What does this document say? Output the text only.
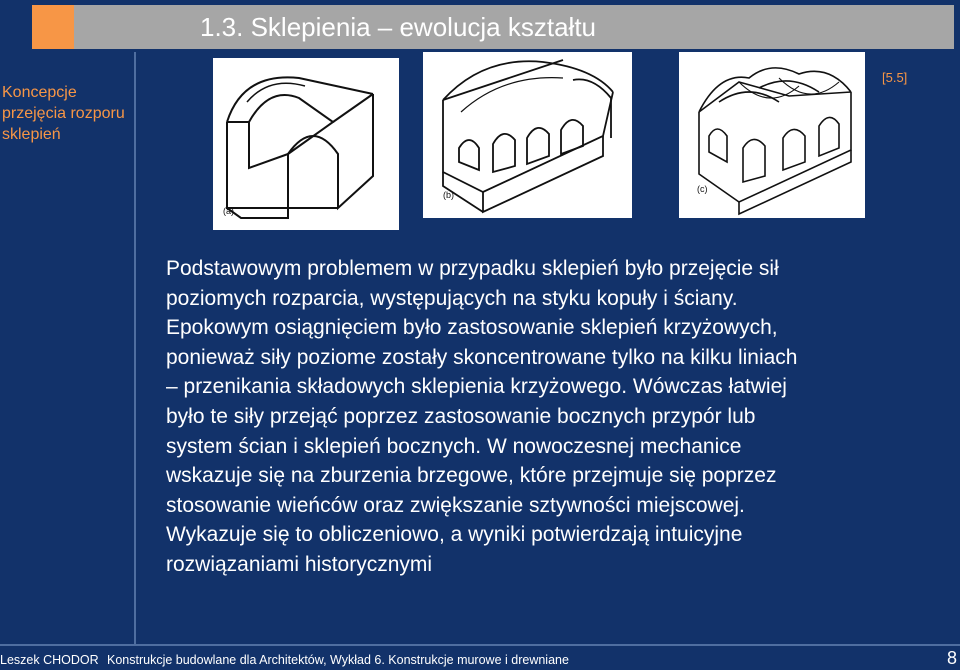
1.3. Sklepienia – ewolucja kształtu
Koncepcje przejęcia rozporu sklepień
[5.5]
(a)
(b)
(c)
Podstawowym problemem w przypadku sklepień było przejęcie sił
poziomych rozparcia, występujących na styku kopuły i ściany.
Epokowym osiągnięciem było zastosowanie sklepień krzyżowych,
ponieważ siły poziome zostały skoncentrowane tylko na kilku liniach
– przenikania składowych sklepienia krzyżowego. Wówczas łatwiej
było te siły przejąć poprzez zastosowanie bocznych przypór lub
system ścian i sklepień bocznych. W nowoczesnej mechanice
wskazuje się na zburzenia brzegowe, które przejmuje się poprzez
stosowanie wieńców oraz zwiększanie sztywności miejscowej.
Wykazuje się to obliczeniowo, a wyniki potwierdzają intuicyjne
rozwiązaniami historycznymi
Leszek CHODOR Konstrukcje budowlane dla Architektów, Wykład 6. Konstrukcje murowe i drewniane	8
